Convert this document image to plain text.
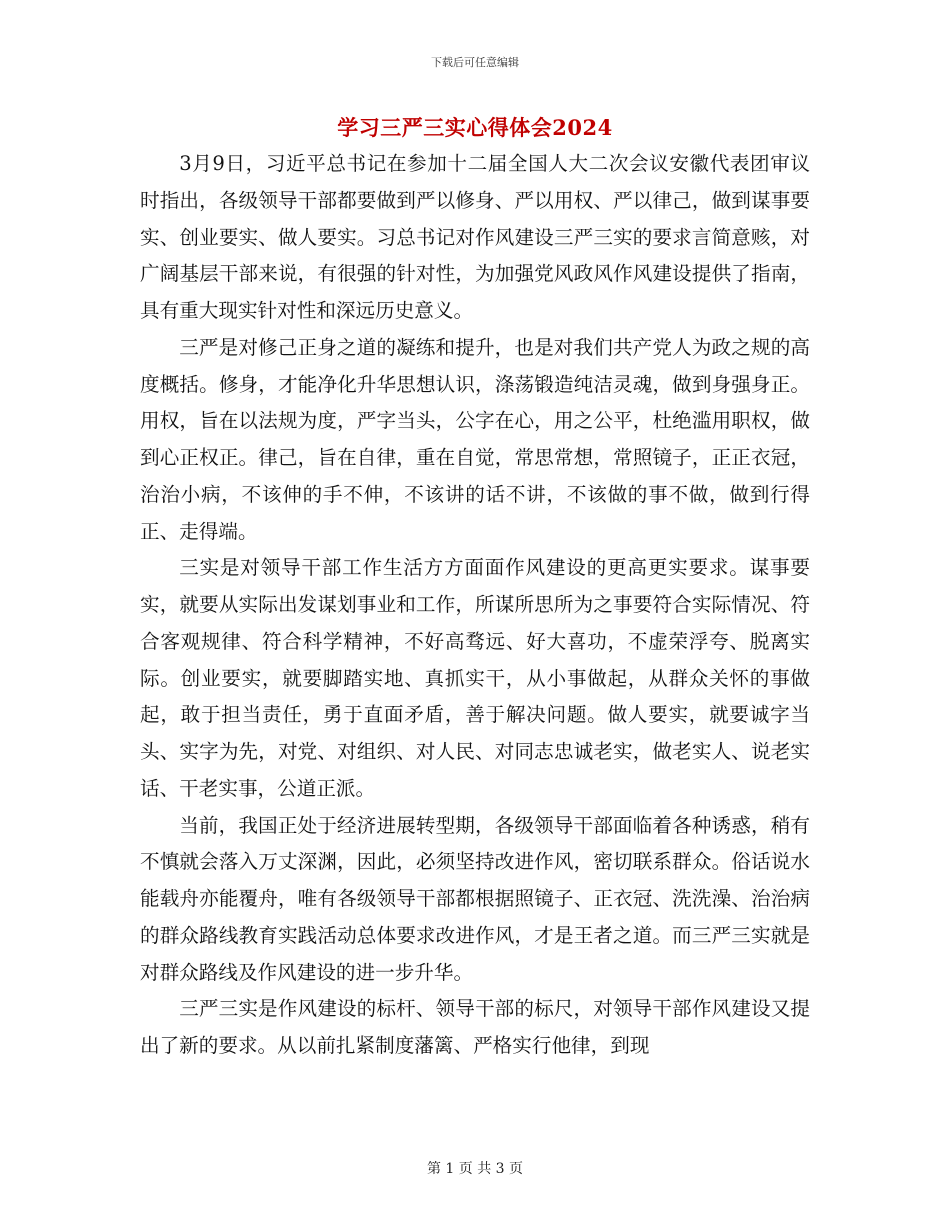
下载后可任意编辑
学习三严三实心得体会2024

3月9日，习近平总书记在参加十二届全国人大二次会议安徽代表团审议时指出，各级领导干部都要做到严以修身、严以用权、严以律己，做到谋事要实、创业要实、做人要实。习总书记对作风建设三严三实的要求言简意赅，对广阔基层干部来说，有很强的针对性，为加强党风政风作风建设提供了指南，具有重大现实针对性和深远历史意义。

三严是对修己正身之道的凝练和提升，也是对我们共产党人为政之规的高度概括。修身，才能净化升华思想认识，涤荡锻造纯洁灵魂，做到身强身正。用权，旨在以法规为度，严字当头，公字在心，用之公平，杜绝滥用职权，做到心正权正。律己，旨在自律，重在自觉，常思常想，常照镜子，正正衣冠，治治小病，不该伸的手不伸，不该讲的话不讲，不该做的事不做，做到行得正、走得端。

三实是对领导干部工作生活方方面面作风建设的更高更实要求。谋事要实，就要从实际出发谋划事业和工作，所谋所思所为之事要符合实际情况、符合客观规律、符合科学精神，不好高骛远、好大喜功，不虚荣浮夸、脱离实际。创业要实，就要脚踏实地、真抓实干，从小事做起，从群众关怀的事做起，敢于担当责任，勇于直面矛盾，善于解决问题。做人要实，就要诚字当头、实字为先，对党、对组织、对人民、对同志忠诚老实，做老实人、说老实话、干老实事，公道正派。

当前，我国正处于经济进展转型期，各级领导干部面临着各种诱惑，稍有不慎就会落入万丈深渊，因此，必须坚持改进作风，密切联系群众。俗话说水能载舟亦能覆舟，唯有各级领导干部都根据照镜子、正衣冠、洗洗澡、治治病的群众路线教育实践活动总体要求改进作风，才是王者之道。而三严三实就是对群众路线及作风建设的进一步升华。

三严三实是作风建设的标杆、领导干部的标尺，对领导干部作风建设又提出了新的要求。从以前扎紧制度藩篱、严格实行他律，到现

第 1 页 共 3 页
